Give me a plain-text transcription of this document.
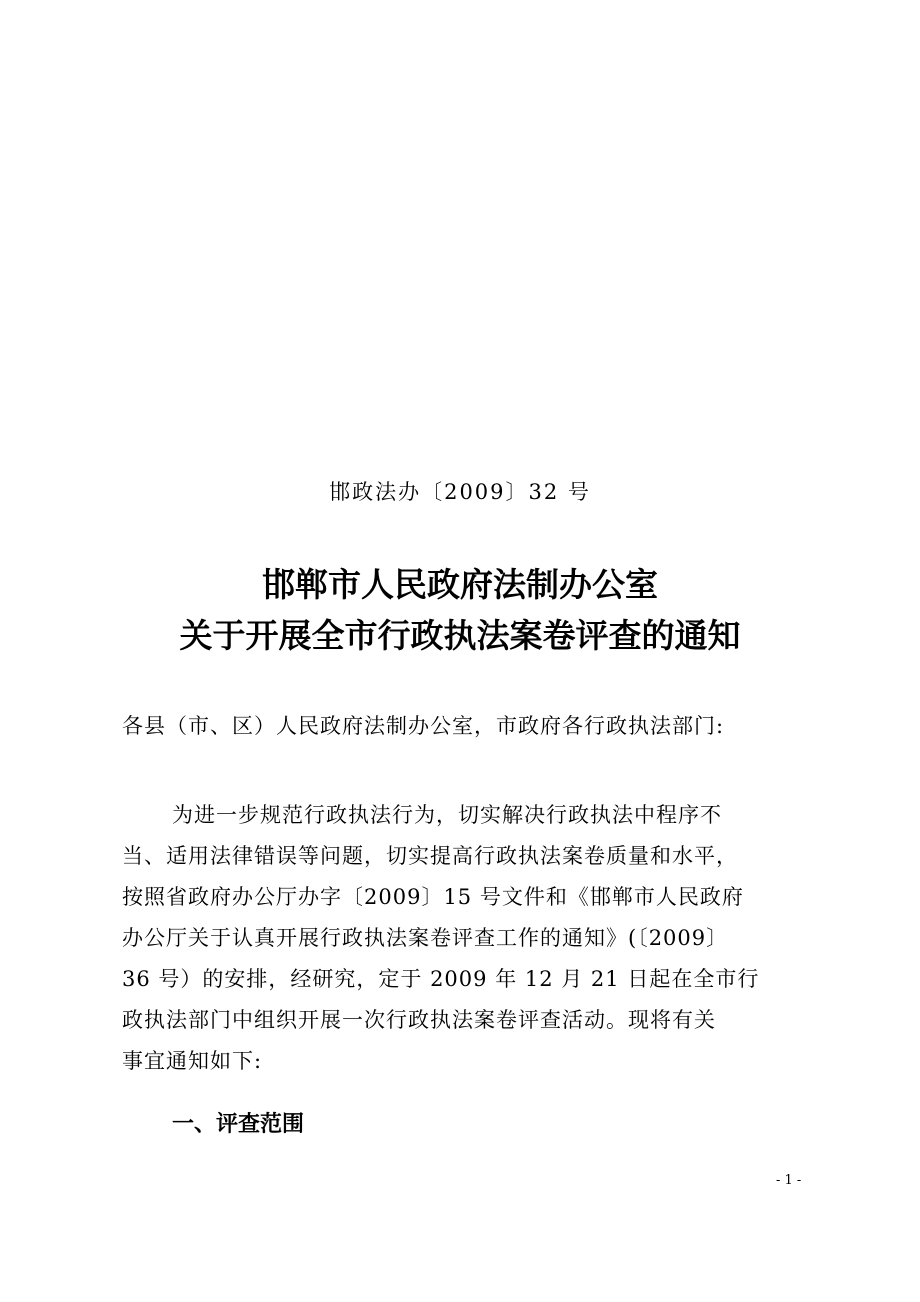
邯政法办〔2009〕32 号
邯郸市人民政府法制办公室
关于开展全市行政执法案卷评查的通知
各县（市、区）人民政府法制办公室，市政府各行政执法部门:
为进一步规范行政执法行为，切实解决行政执法中程序不
当、适用法律错误等问题，切实提高行政执法案卷质量和水平，
按照省政府办公厅办字〔2009〕15 号文件和《邯郸市人民政府
办公厅关于认真开展行政执法案卷评查工作的通知》(〔2009〕
36 号）的安排，经研究，定于 2009 年 12 月 21 日起在全市行
政执法部门中组织开展一次行政执法案卷评查活动。现将有关
事宜通知如下:
一、评查范围
- 1 -
